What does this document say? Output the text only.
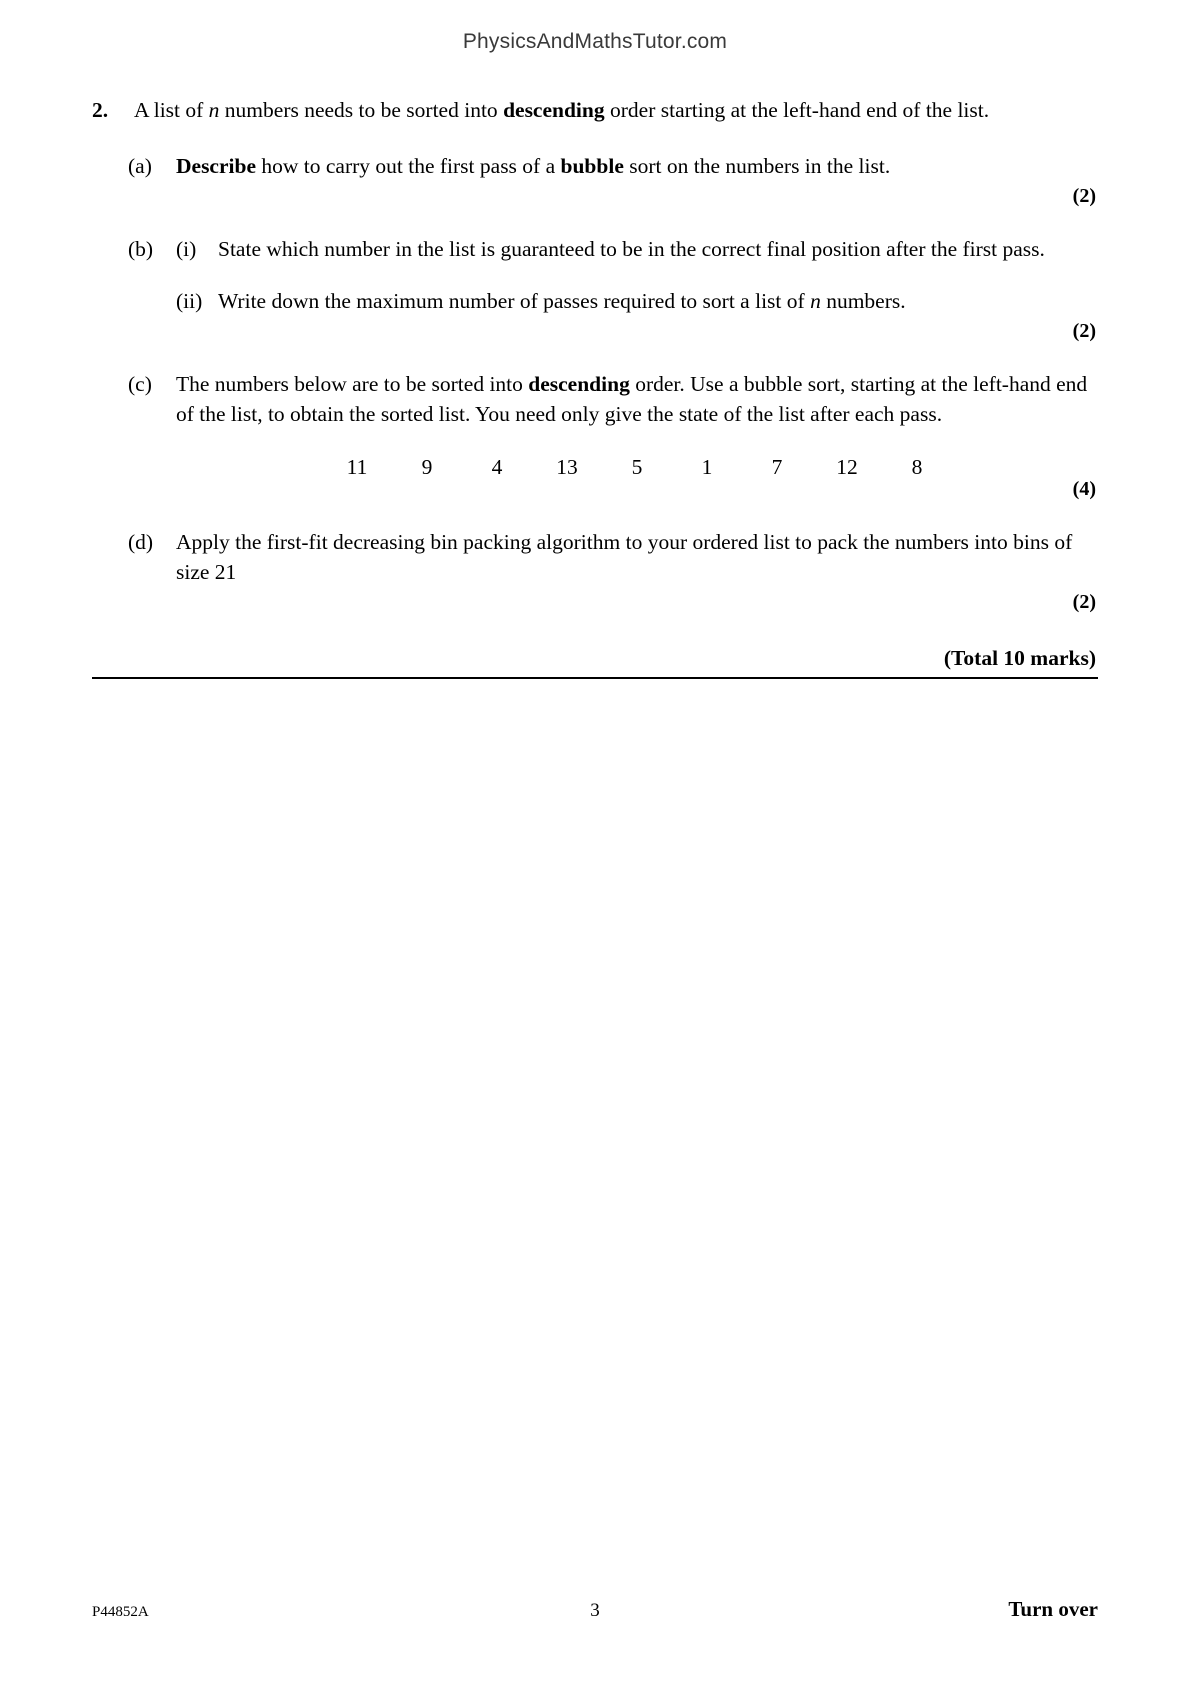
PhysicsAndMathsTutor.com
2.	A list of n numbers needs to be sorted into descending order starting at the left-hand end of the list.
(a)	Describe how to carry out the first pass of a bubble sort on the numbers in the list.
(2)
(b)	(i)	State which number in the list is guaranteed to be in the correct final position after the first pass.
(ii) Write down the maximum number of passes required to sort a list of n numbers.
(2)
(c)	The numbers below are to be sorted into descending order. Use a bubble sort, starting at the left-hand end of the list, to obtain the sorted list. You need only give the state of the list after each pass.
11	9	4	13	5	1	7	12	8
(4)
(d)	Apply the first-fit decreasing bin packing algorithm to your ordered list to pack the numbers into bins of size 21
(2)
(Total 10 marks)
P44852A	3	Turn over
